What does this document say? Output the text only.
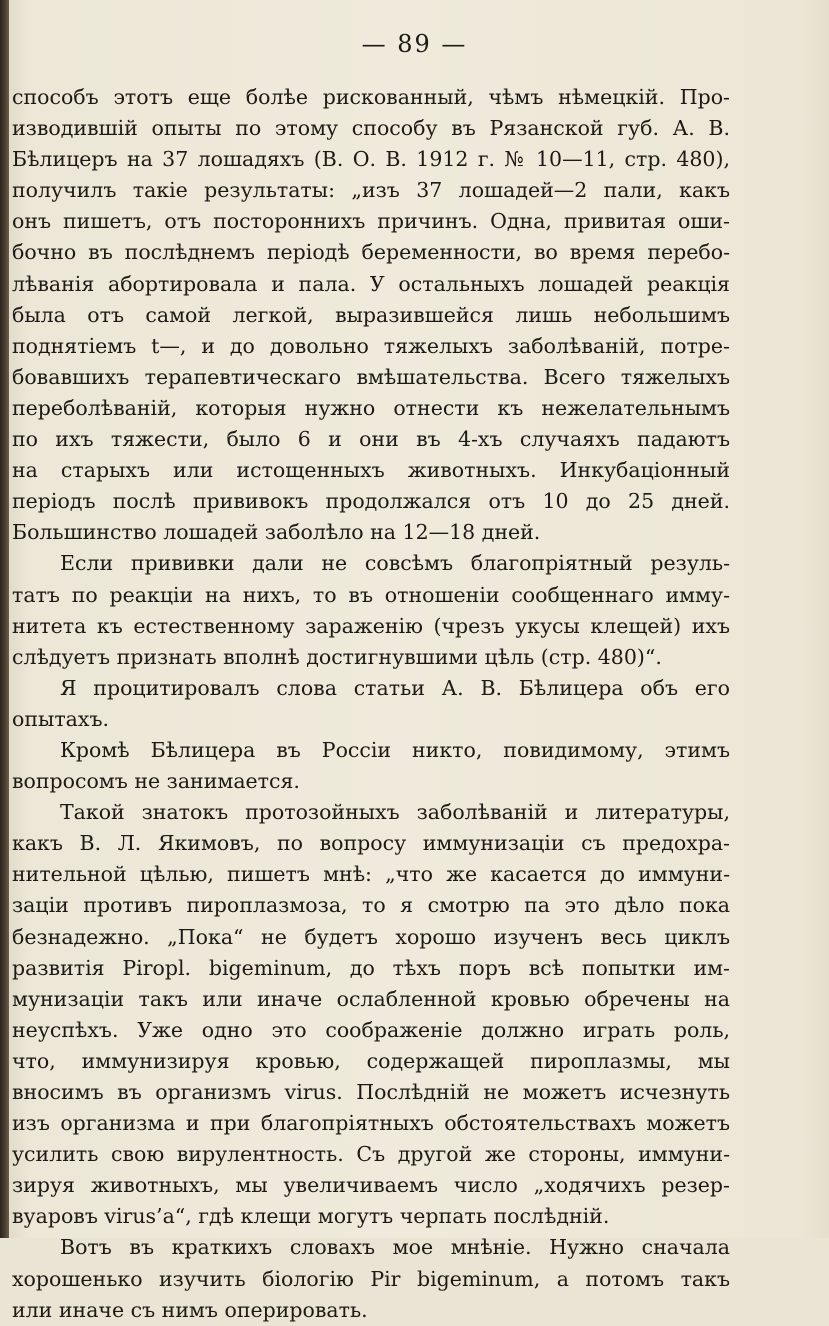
— 89 —
способъ этотъ еще болѣе рискованный, чѣмъ нѣмецкій. Про-
изводившій опыты по этому способу въ Рязанской губ. А. В.
Бѣлицеръ на 37 лошадяхъ (В. О. В. 1912 г. № 10—11, стр. 480),
получилъ такіе результаты: „изъ 37 лошадей—2 пали, какъ
онъ пишетъ, отъ постороннихъ причинъ. Одна, привитая оши-
бочно въ послѣднемъ періодѣ беременности, во время перебо-
лѣванія абортировала и пала. У остальныхъ лошадей реакція
была отъ самой легкой, выразившейся лишь небольшимъ
поднятіемъ t—, и до довольно тяжелыхъ заболѣваній, потре-
бовавшихъ терапевтическаго вмѣшательства. Всего тяжелыхъ
переболѣваній, которыя нужно отнести къ нежелательнымъ
по ихъ тяжести, было 6 и они въ 4-хъ случаяхъ падаютъ
на старыхъ или истощенныхъ животныхъ. Инкубаціонный
періодъ послѣ прививокъ продолжался отъ 10 до 25 дней.
Большинство лошадей заболѣло на 12—18 дней.
Если прививки дали не совсѣмъ благопріятный резуль-
татъ по реакціи на нихъ, то въ отношеніи сообщеннаго имму-
нитета къ естественному зараженію (чрезъ укусы клещей) ихъ
слѣдуетъ признать вполнѣ достигнувшими цѣль (стр. 480)“.
Я процитировалъ слова статьи А. В. Бѣлицера объ его
опытахъ.
Кромѣ Бѣлицера въ Россіи никто, повидимому, этимъ
вопросомъ не занимается.
Такой знатокъ протозойныхъ заболѣваній и литературы,
какъ В. Л. Якимовъ, по вопросу иммунизаціи съ предохра-
нительной цѣлью, пишетъ мнѣ: „что же касается до иммуни-
заціи противъ пироплазмоза, то я смотрю па это дѣло пока
безнадежно. „Пока“ не будетъ хорошо изученъ весь циклъ
развитія Piropl. bigeminum, до тѣхъ поръ всѣ попытки им-
мунизаціи такъ или иначе ослабленной кровью обречены на
неуспѣхъ. Уже одно это соображеніе должно играть роль,
что, иммунизируя кровью, содержащей пироплазмы, мы
вносимъ въ организмъ virus. Послѣдній не можетъ исчезнуть
изъ организма и при благопріятныхъ обстоятельствахъ можетъ
усилить свою вирулентность. Съ другой же стороны, иммуни-
зируя животныхъ, мы увеличиваемъ число „ходячихъ резер-
вуаровъ virus’а“, гдѣ клещи могутъ черпать послѣдній.
Вотъ въ краткихъ словахъ мое мнѣніе. Нужно сначала
хорошенько изучить біологію Pir bigeminum, а потомъ такъ
или иначе съ нимъ оперировать.
